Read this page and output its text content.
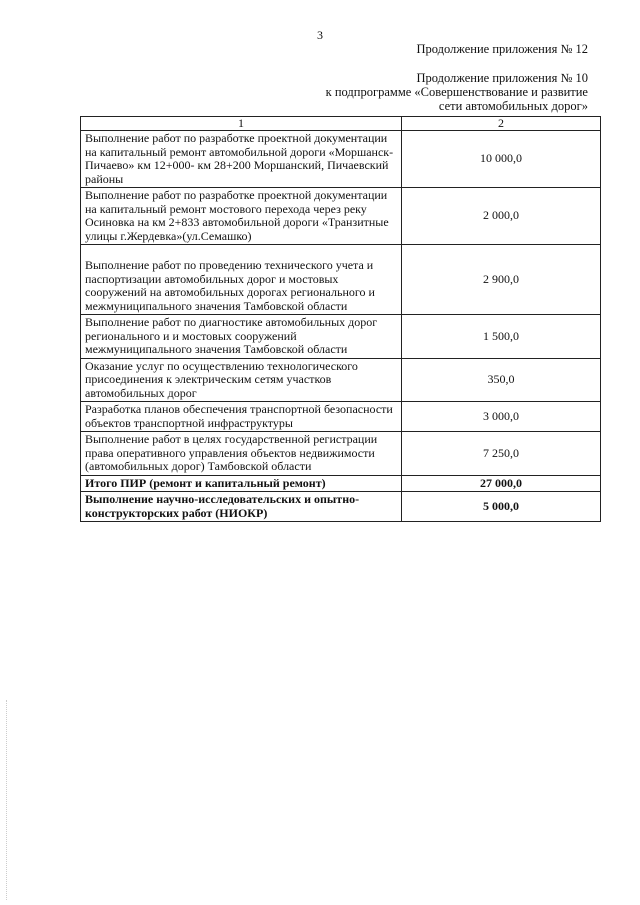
3
Продолжение приложения № 12
Продолжение приложения № 10
к подпрограмме «Совершенствование и развитие
сети автомобильных дорог»
1	2
Выполнение работ по разработке проектной документации на капитальный ремонт автомобильной дороги «Моршанск- Пичаево» км 12+000- км 28+200 Моршанский, Пичаевский районы	10 000,0
Выполнение работ по разработке проектной документации на капитальный ремонт мостового перехода через реку Осиновка на км 2+833 автомобильной дороги «Транзитные улицы г.Жердевка»(ул.Семашко)	2 000,0
Выполнение работ по проведению технического учета и паспортизации автомобильных дорог и мостовых сооружений на автомобильных дорогах регионального и межмуниципального значения Тамбовской области	2 900,0
Выполнение работ по диагностике автомобильных дорог регионального и и мостовых сооружений межмуниципального значения Тамбовской области	1 500,0
Оказание услуг по осуществлению технологического присоединения к электрическим сетям участков автомобильных дорог	350,0
Разработка планов обеспечения транспортной безопасности объектов транспортной инфраструктуры	3 000,0
Выполнение работ в целях государственной регистрации права оперативного управления объектов недвижимости (автомобильных дорог) Тамбовской области	7 250,0
Итого ПИР (ремонт и капитальный ремонт)	27 000,0
Выполнение научно-исследовательских и опытно-конструкторских работ (НИОКР)	5 000,0
